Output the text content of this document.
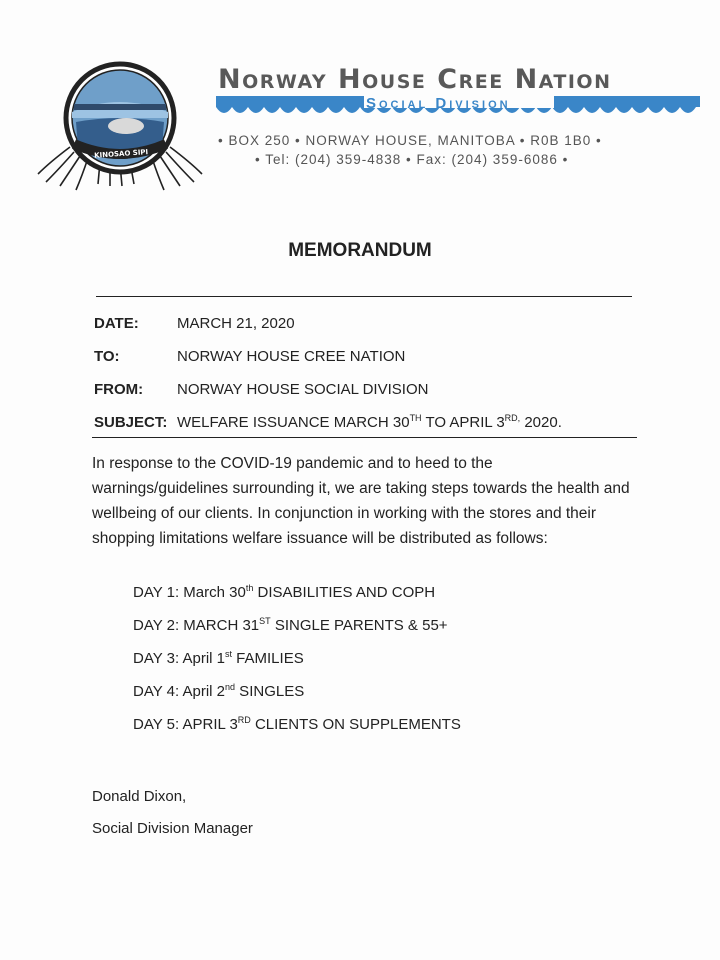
KINOSAO SIPI
Norway House Cree Nation
Social Division
• BOX 250 • NORWAY HOUSE, MANITOBA • R0B 1B0 •
• Tel: (204) 359-4838 • Fax: (204) 359-6086 •
MEMORANDUM
DATE:	MARCH 21, 2020
TO:	NORWAY HOUSE CREE NATION
FROM: NORWAY HOUSE SOCIAL DIVISION
SUBJECT: WELFARE ISSUANCE MARCH 30TH TO APRIL $3^{RD,}$ 2020.
In response to the COVID-19 pandemic and to heed to the warnings/guidelines surrounding it, we are taking steps towards the health and wellbeing of our clients. In conjunction in working with the stores and their shopping limitations welfare issuance will be distributed as follows:
DAY 1: March 30th DISABILITIES AND COPH
DAY 2: MARCH 31ST SINGLE PARENTS & 55+
DAY 3: April 1st FAMILIES
DAY 4: April 2nd SINGLES
DAY 5: APRIL 3RD CLIENTS ON SUPPLEMENTS
Donald Dixon,
Social Division Manager
